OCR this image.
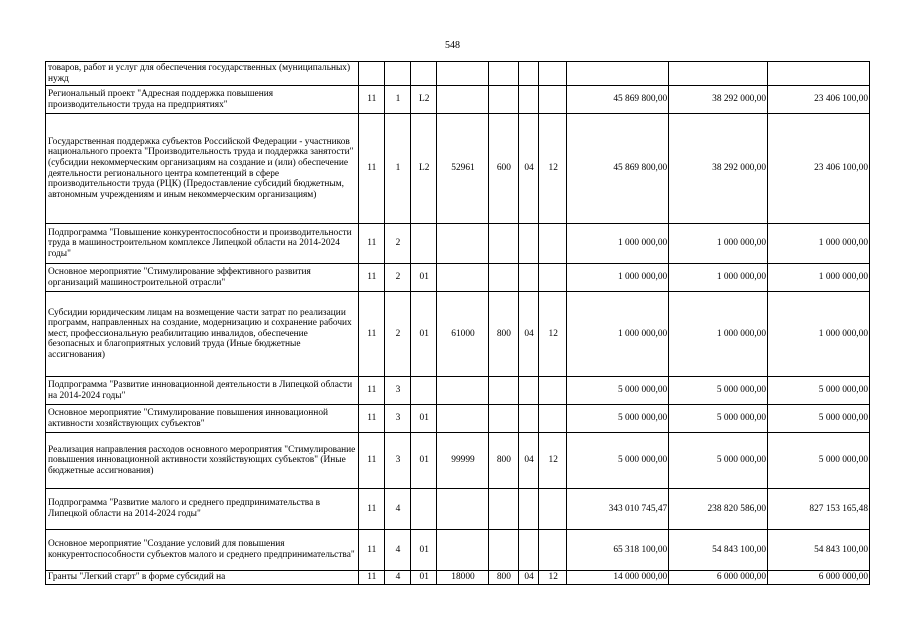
548
товаров, работ и услуг для обеспечения государственных (муниципальных) нужд										
Региональный проект "Адресная поддержка повышения производительности труда на предприятиях"	11	1	L2					45 869 800,00	38 292 000,00	23 406 100,00
Государственная поддержка субъектов Российской Федерации - участников национального проекта "Производительность труда и поддержка занятости" (субсидии некоммерческим организациям на создание и (или) обеспечение деятельности регионального центра компетенций в сфере производительности труда (РЦК) (Предоставление субсидий бюджетным, автономным учреждениям и иным некоммерческим организациям)	11	1	L2	52961	600	04	12	45 869 800,00	38 292 000,00	23 406 100,00
Подпрограмма "Повышение конкурентоспособности и производительности труда в машиностроительном комплексе Липецкой области на 2014-2024 годы"	11	2						1 000 000,00	1 000 000,00	1 000 000,00
Основное мероприятие "Стимулирование эффективного развития организаций машиностроительной отрасли"	11	2	01					1 000 000,00	1 000 000,00	1 000 000,00
Субсидии юридическим лицам на возмещение части затрат по реализации программ, направленных на создание, модернизацию и сохранение рабочих мест, профессиональную реабилитацию инвалидов, обеспечение безопасных и благоприятных условий труда (Иные бюджетные ассигнования)	11	2	01	61000	800	04	12	1 000 000,00	1 000 000,00	1 000 000,00
Подпрограмма "Развитие инновационной деятельности в Липецкой области на 2014-2024 годы"	11	3						5 000 000,00	5 000 000,00	5 000 000,00
Основное мероприятие "Стимулирование повышения инновационной активности хозяйствующих субъектов"	11	3	01					5 000 000,00	5 000 000,00	5 000 000,00
Реализация направления расходов основного мероприятия "Стимулирование повышения инновационной активности хозяйствующих субъектов" (Иные бюджетные ассигнования)	11	3	01	99999	800	04	12	5 000 000,00	5 000 000,00	5 000 000,00
Подпрограмма "Развитие малого и среднего предпринимательства в Липецкой области на 2014-2024 годы"	11	4						343 010 745,47	238 820 586,00	827 153 165,48
Основное мероприятие "Создание условий для повышения конкурентоспособности субъектов малого и среднего предпринимательства"	11	4	01					65 318 100,00	54 843 100,00	54 843 100,00
Гранты "Легкий старт" в форме субсидий на	11	4	01	18000	800	04	12	14 000 000,00	6 000 000,00	6 000 000,00
